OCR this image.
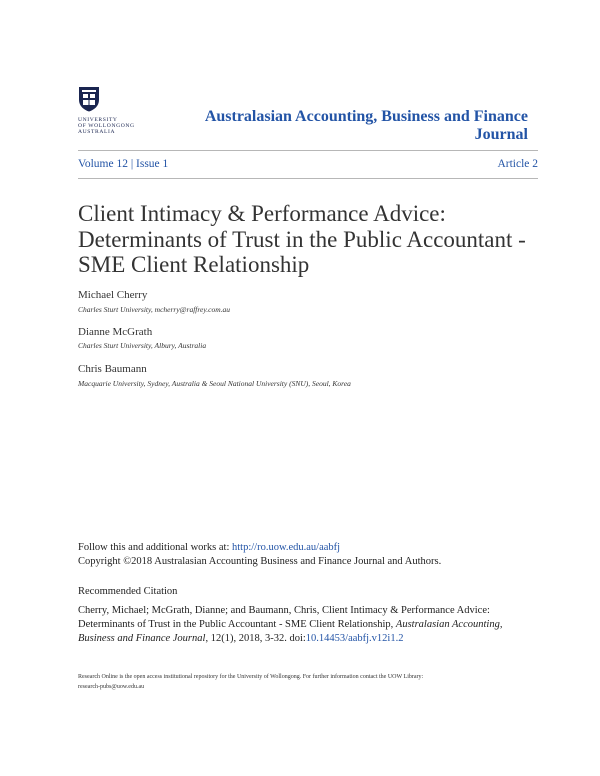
UNIVERSITY
OF WOLLONGONG
AUSTRALIA
Australasian Accounting, Business and Finance
Journal
Volume 12 | Issue 1	Article 2
Client Intimacy & Performance Advice:
Determinants of Trust in the Public Accountant -
SME Client Relationship
Michael Cherry
Charles Sturt University, mcherry@raffrey.com.au
Dianne McGrath
Charles Sturt University, Albury, Australia
Chris Baumann
Macquarie University, Sydney, Australia & Seoul National University (SNU), Seoul, Korea
Follow this and additional works at: http://ro.uow.edu.au/aabfj
Copyright ©2018 Australasian Accounting Business and Finance Journal and Authors.
Recommended Citation
Cherry, Michael; McGrath, Dianne; and Baumann, Chris, Client Intimacy & Performance Advice:
Determinants of Trust in the Public Accountant - SME Client Relationship, Australasian Accounting,
Business and Finance Journal, 12(1), 2018, 3-32. doi:10.14453/aabfj.v12i1.2
Research Online is the open access institutional repository for the University of Wollongong. For further information contact the UOW Library:
research-pubs@uow.edu.au
